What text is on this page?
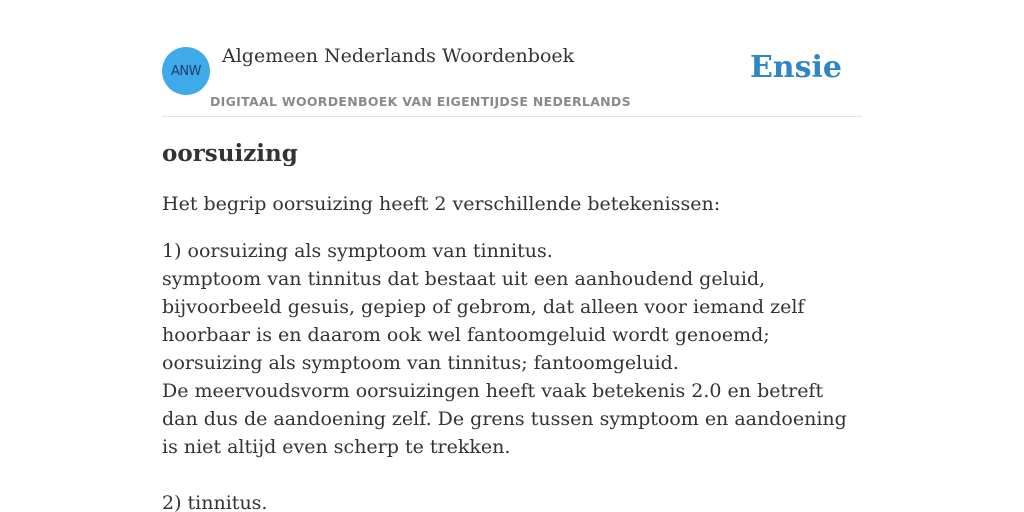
ANW
Algemeen Nederlands Woordenboek
DIGITAAL WOORDENBOEK VAN EIGENTIJDSE NEDERLANDS
Ensie
oorsuizing
Het begrip oorsuizing heeft 2 verschillende betekenissen:

1) oorsuizing als symptoom van tinnitus.

symptoom van tinnitus dat bestaat uit een aanhoudend geluid, bijvoorbeeld gesuis, gepiep of gebrom, dat alleen voor iemand zelf hoorbaar is en daarom ook wel fantoomgeluid wordt genoemd; oorsuizing als symptoom van tinnitus; fantoomgeluid.

De meervoudsvorm oorsuizingen heeft vaak betekenis 2.0 en betreft dan dus de aandoening zelf. De grens tussen symptoom en aandoening is niet altijd even scherp te trekken.

2) tinnitus.
